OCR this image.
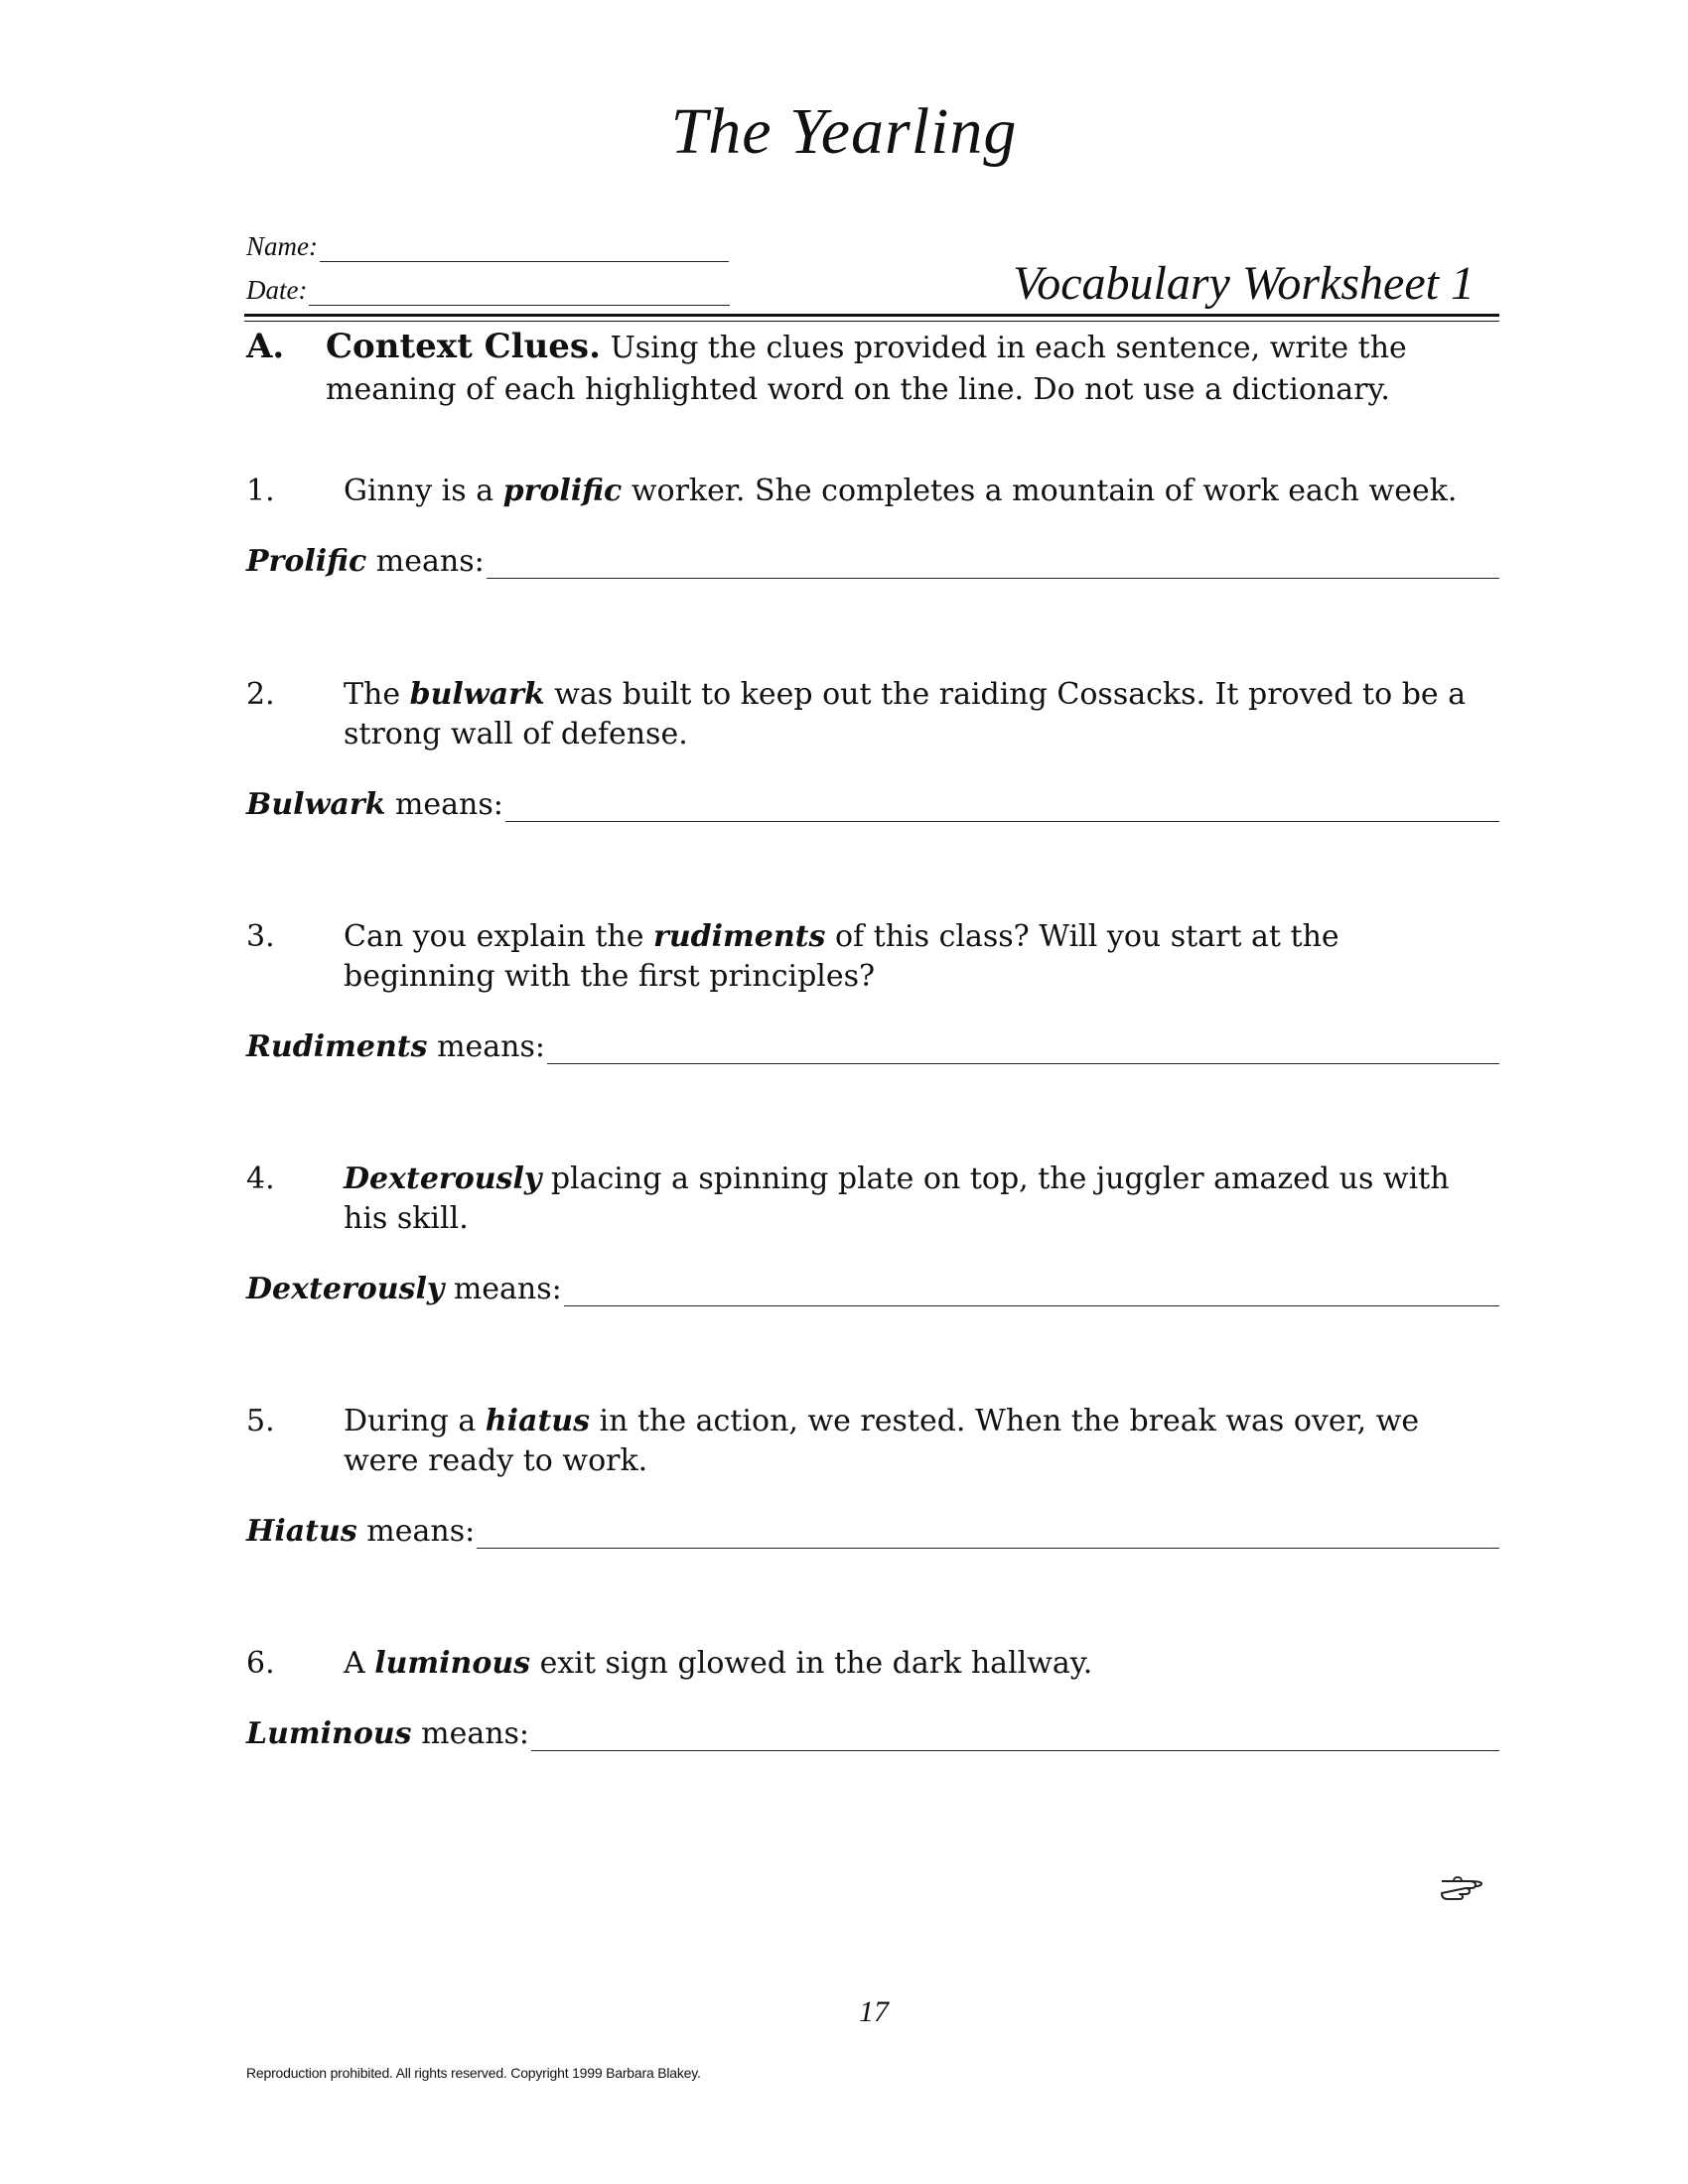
The Yearling
Name:
Date:	Vocabulary Worksheet 1
A. Context Clues. Using the clues provided in each sentence, write the meaning of each highlighted word on the line. Do not use a dictionary.
1. Ginny is a prolific worker. She completes a mountain of work each week.
Prolific
means:
2. The bulwark was built to keep out the raiding Cossacks. It proved to be a strong wall of defense.
Bulwark
means:
3. Can you explain the rudiments of this class? Will you start at the beginning with the first principles?
Rudiments
means:
4. Dexterously placing a spinning plate on top, the juggler amazed us with his skill.
Dexterously
means:
5. During a hiatus in the action, we rested. When the break was over, we were ready to work.
Hiatus
means:
6. A luminous exit sign glowed in the dark hallway.
Luminous
means:
17
Reproduction prohibited. All rights reserved. Copyright 1999 Barbara Blakey.
